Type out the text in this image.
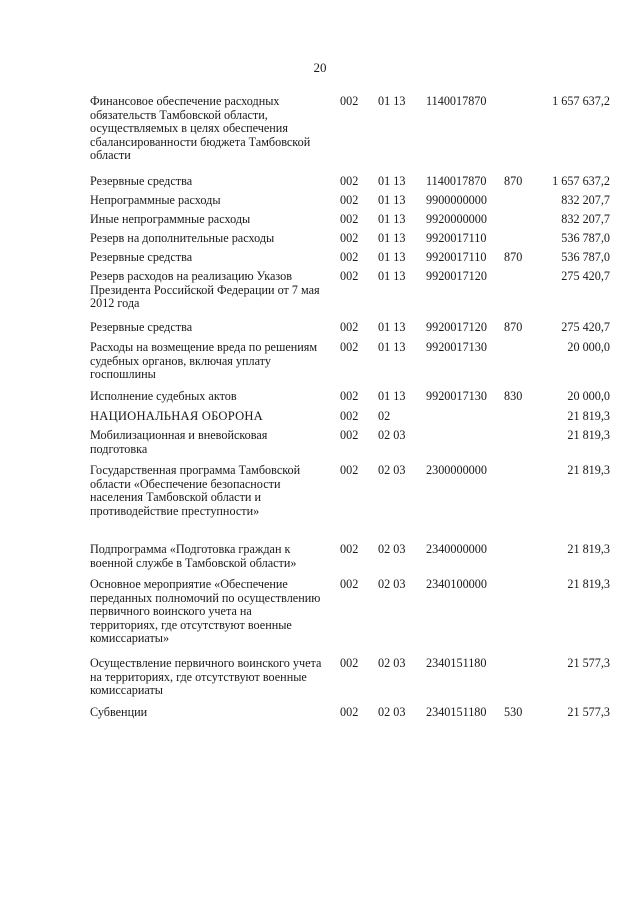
20
Финансовое обеспечение расходных обязательств Тамбовской области, осуществляемых в целях обеспечения сбалансированности бюджета Тамбовской области		002	01 13	1140017870		1 657 637,2
Резервные средства		002	01 13	1140017870	870	1 657 637,2
Непрограммные расходы		002	01 13	9900000000		832 207,7
Иные непрограммные расходы		002	01 13	9920000000		832 207,7
Резерв на дополнительные расходы		002	01 13	9920017110		536 787,0
Резервные средства		002	01 13	9920017110	870	536 787,0
Резерв расходов на реализацию Указов Президента Российской Федерации от 7 мая 2012 года		002	01 13	9920017120		275 420,7
Резервные средства		002	01 13	9920017120	870	275 420,7
Расходы на возмещение вреда по решениям судебных органов, включая уплату госпошлины		002	01 13	9920017130		20 000,0
Исполнение судебных актов		002	01 13	9920017130	830	20 000,0
НАЦИОНАЛЬНАЯ ОБОРОНА		002	02			21 819,3
Мобилизационная и вневойсковая подготовка		002	02 03			21 819,3
Государственная программа Тамбовской области «Обеспечение безопасности населения Тамбовской области и противодействие преступности»		002	02 03	2300000000		21 819,3
Подпрограмма «Подготовка граждан к военной службе в Тамбовской области»		002	02 03	2340000000		21 819,3
Основное мероприятие «Обеспечение переданных полномочий по осуществлению первичного воинского учета на территориях, где отсутствуют военные комиссариаты»		002	02 03	2340100000		21 819,3
Осуществление первичного воинского учета на территориях, где отсутствуют военные комиссариаты		002	02 03	2340151180		21 577,3
Субвенции		002	02 03	2340151180	530	21 577,3
